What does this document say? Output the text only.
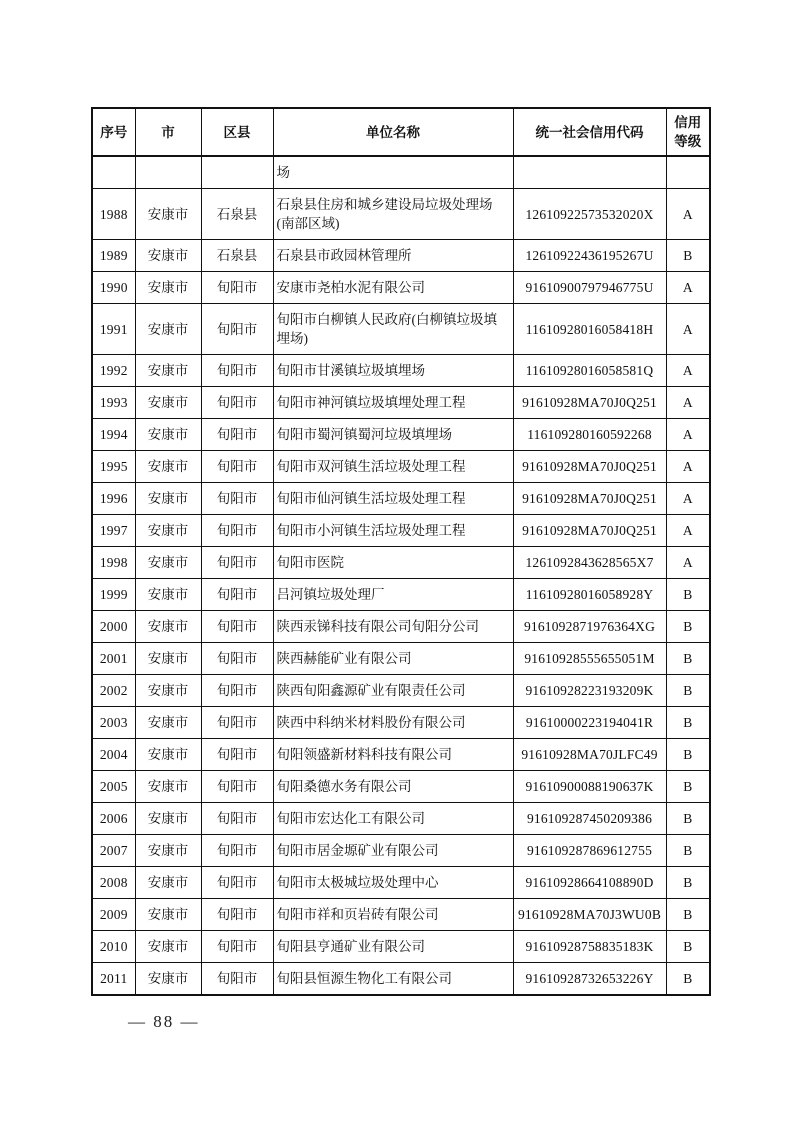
序号	市	区县	单位名称	统一社会信用代码	信用等级
			场		
1988	安康市	石泉县	石泉县住房和城乡建设局垃圾处理场(南部区域)	12610922573532020X	A
1989	安康市	石泉县	石泉县市政园林管理所	12610922436195267U	B
1990	安康市	旬阳市	安康市尧柏水泥有限公司	91610900797946775U	A
1991	安康市	旬阳市	旬阳市白柳镇人民政府(白柳镇垃圾填埋场)	11610928016058418H	A
1992	安康市	旬阳市	旬阳市甘溪镇垃圾填埋场	11610928016058581Q	A
1993	安康市	旬阳市	旬阳市神河镇垃圾填埋处理工程	91610928MA70J0Q251	A
1994	安康市	旬阳市	旬阳市蜀河镇蜀河垃圾填埋场	116109280160592268	A
1995	安康市	旬阳市	旬阳市双河镇生活垃圾处理工程	91610928MA70J0Q251	A
1996	安康市	旬阳市	旬阳市仙河镇生活垃圾处理工程	91610928MA70J0Q251	A
1997	安康市	旬阳市	旬阳市小河镇生活垃圾处理工程	91610928MA70J0Q251	A
1998	安康市	旬阳市	旬阳市医院	1261092843628565X7	A
1999	安康市	旬阳市	吕河镇垃圾处理厂	11610928016058928Y	B
2000	安康市	旬阳市	陕西汞锑科技有限公司旬阳分公司	9161092871976364XG	B
2001	安康市	旬阳市	陕西赫能矿业有限公司	91610928555655051M	B
2002	安康市	旬阳市	陕西旬阳鑫源矿业有限责任公司	91610928223193209K	B
2003	安康市	旬阳市	陕西中科纳米材料股份有限公司	91610000223194041R	B
2004	安康市	旬阳市	旬阳领盛新材料科技有限公司	91610928MA70JLFC49	B
2005	安康市	旬阳市	旬阳桑德水务有限公司	91610900088190637K	B
2006	安康市	旬阳市	旬阳市宏达化工有限公司	916109287450209386	B
2007	安康市	旬阳市	旬阳市居金塬矿业有限公司	916109287869612755	B
2008	安康市	旬阳市	旬阳市太极城垃圾处理中心	91610928664108890D	B
2009	安康市	旬阳市	旬阳市祥和页岩砖有限公司	91610928MA70J3WU0B	B
2010	安康市	旬阳市	旬阳县亨通矿业有限公司	91610928758835183K	B
2011	安康市	旬阳市	旬阳县恒源生物化工有限公司	91610928732653226Y	B
— 88 —
